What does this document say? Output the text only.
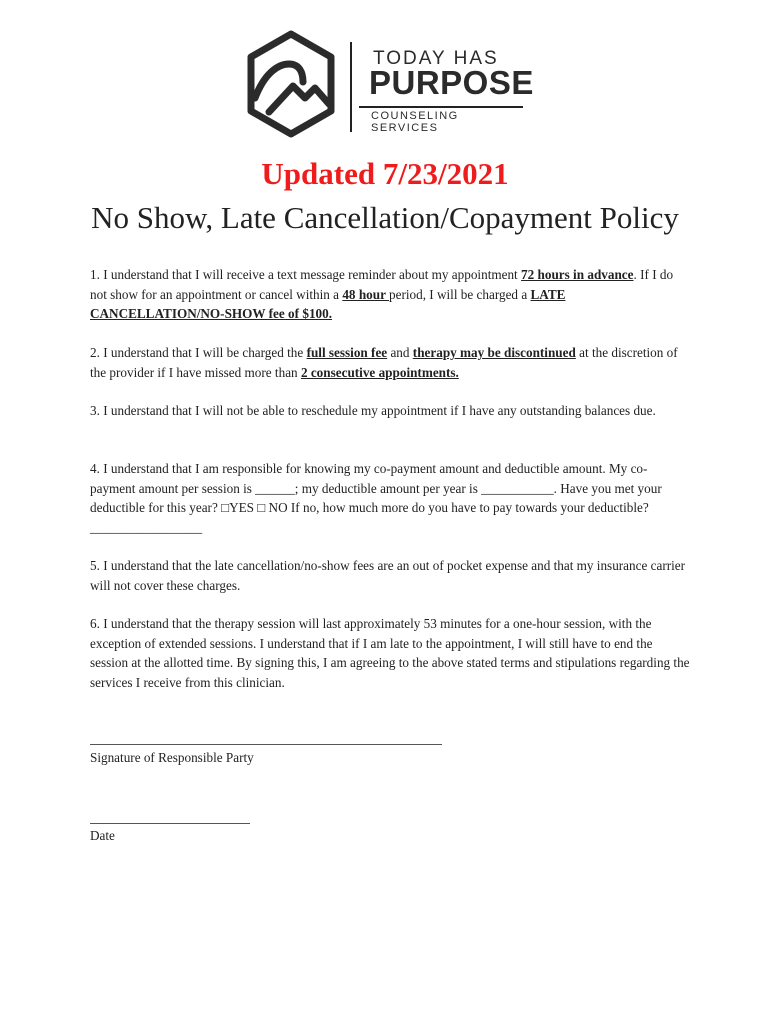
TODAY HAS
PURPOSE
COUNSELING SERVICES
Updated 7/23/2021
No Show, Late Cancellation/Copayment Policy
1. I understand that I will receive a text message reminder about my appointment 72 hours in advance. If I do not show for an appointment or cancel within a 48 hour period, I will be charged a LATE CANCELLATION/NO-SHOW fee of $100.
2. I understand that I will be charged the full session fee and therapy may be discontinued at the discretion of the provider if I have missed more than 2 consecutive appointments.
3. I understand that I will not be able to reschedule my appointment if I have any outstanding balances due.
4. I understand that I am responsible for knowing my co-payment amount and deductible amount. My co-payment amount per session is ______; my deductible amount per year is ___________. Have you met your deductible for this year? □YES □ NO If no, how much more do you have to pay towards your deductible?_________________
5. I understand that the late cancellation/no-show fees are an out of pocket expense and that my insurance carrier will not cover these charges.
6. I understand that the therapy session will last approximately 53 minutes for a one-hour session, with the exception of extended sessions. I understand that if I am late to the appointment, I will still have to end the session at the allotted time. By signing this, I am agreeing to the above stated terms and stipulations regarding the services I receive from this clinician.
Signature of Responsible Party
Date
